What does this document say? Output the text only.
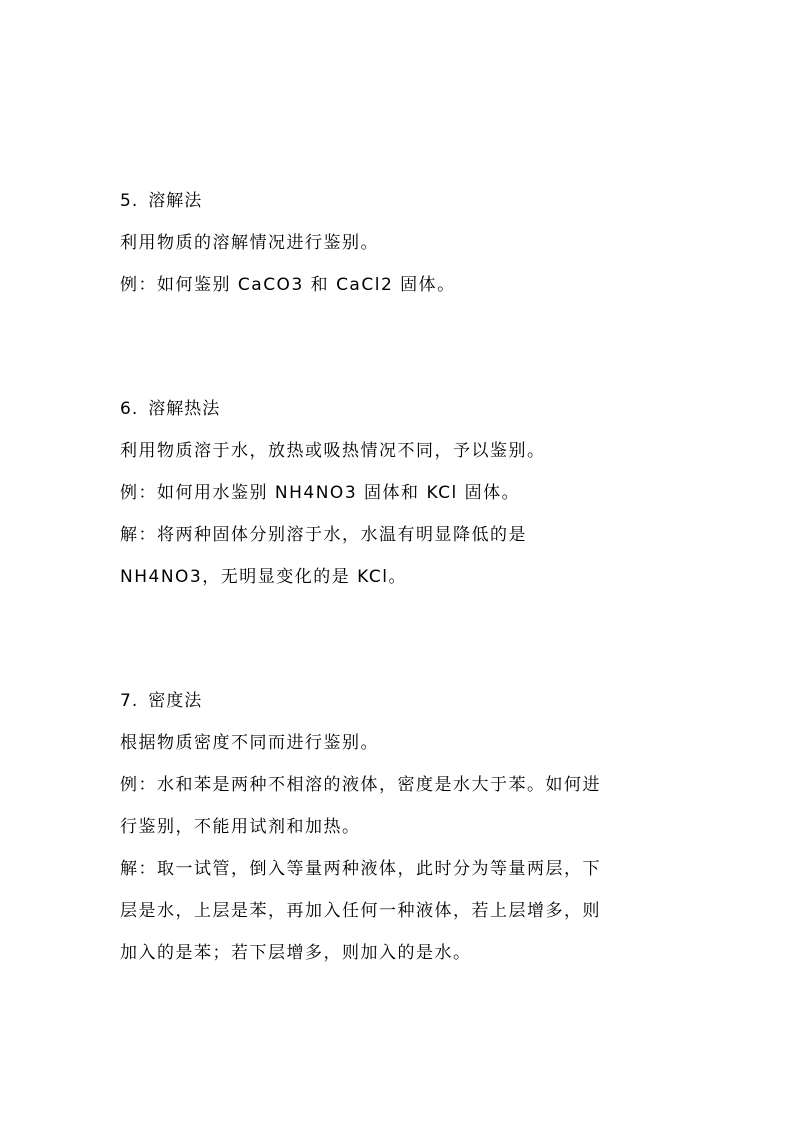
5. 溶解法
利用物质的溶解情况进行鉴别。
例：如何鉴别 CaCO3 和 CaCl2 固体。
6. 溶解热法
利用物质溶于水，放热或吸热情况不同，予以鉴别。
例：如何用水鉴别 NH4NO3 固体和 KCl 固体。
解：将两种固体分别溶于水，水温有明显降低的是
NH4NO3，无明显变化的是 KCl。
7. 密度法
根据物质密度不同而进行鉴别。
例：水和苯是两种不相溶的液体，密度是水大于苯。如何进
行鉴别，不能用试剂和加热。
解：取一试管，倒入等量两种液体，此时分为等量两层，下
层是水，上层是苯，再加入任何一种液体，若上层增多，则
加入的是苯；若下层增多，则加入的是水。
